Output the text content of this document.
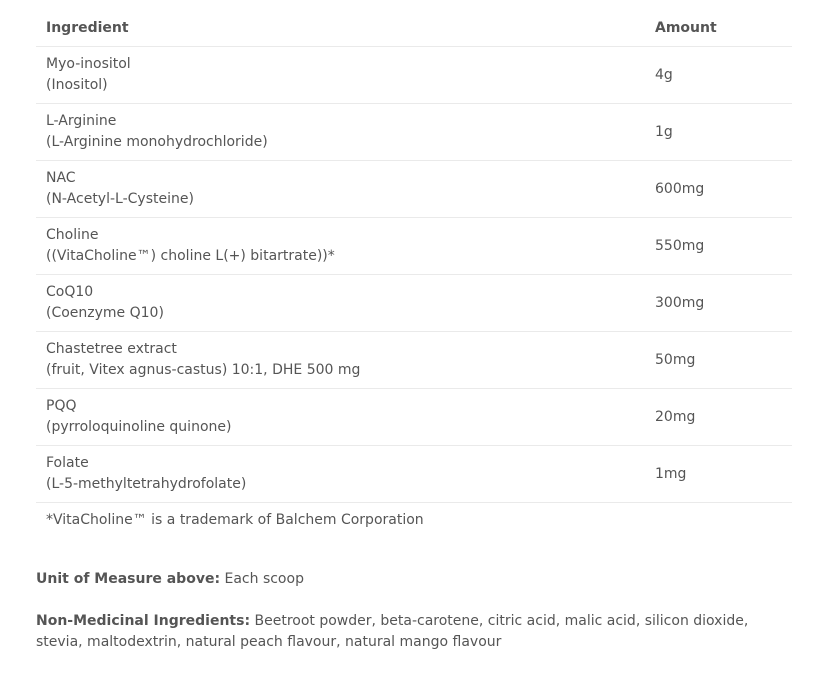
Ingredient	Amount

Myo-inositol
(Inositol)	4g

L-Arginine
(L-Arginine monohydrochloride)	1g

NAC
(N-Acetyl-L-Cysteine)	600mg

Choline
((VitaCholine™) choline L(+) bitartrate))*	550mg

CoQ10
(Coenzyme Q10)	300mg

Chastetree extract
(fruit, Vitex agnus-castus) 10:1, DHE 500 mg	50mg

PQQ
(pyrroloquinoline quinone)	20mg

Folate
(L-5-methyltetrahydrofolate)	1mg
*VitaCholine™ is a trademark of Balchem Corporation	
Unit of Measure above: Each scoop
Non-Medicinal Ingredients: Beetroot powder, beta-carotene, citric acid, malic acid, silicon dioxide, stevia, maltodextrin, natural peach flavour, natural mango flavour
